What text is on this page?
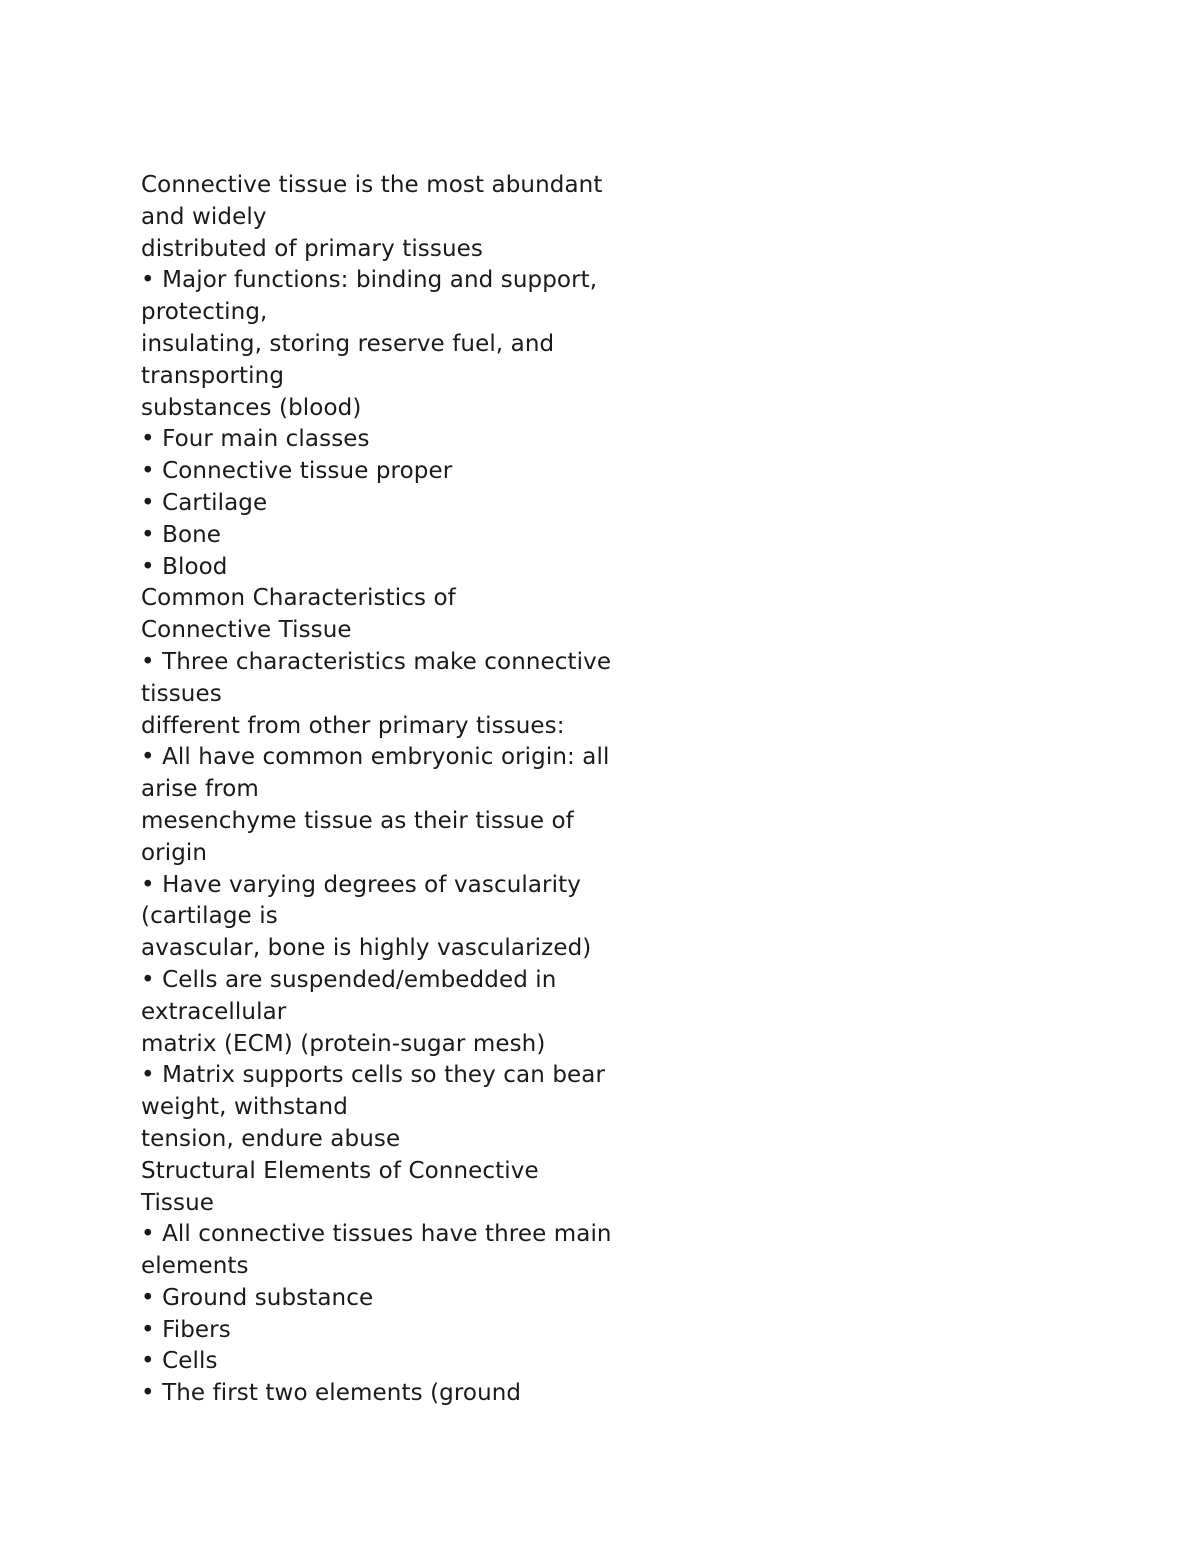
Connective tissue is the most abundant
and widely
distributed of primary tissues
• Major functions: binding and support,
protecting,
insulating, storing reserve fuel, and
transporting
substances (blood)
• Four main classes
• Connective tissue proper
• Cartilage
• Bone
• Blood
Common Characteristics of
Connective Tissue
• Three characteristics make connective
tissues
different from other primary tissues:
• All have common embryonic origin: all
arise from
mesenchyme tissue as their tissue of
origin
• Have varying degrees of vascularity
(cartilage is
avascular, bone is highly vascularized)
• Cells are suspended/embedded in
extracellular
matrix (ECM) (protein-sugar mesh)
• Matrix supports cells so they can bear
weight, withstand
tension, endure abuse
Structural Elements of Connective
Tissue
• All connective tissues have three main
elements
• Ground substance
• Fibers
• Cells
• The first two elements (ground
